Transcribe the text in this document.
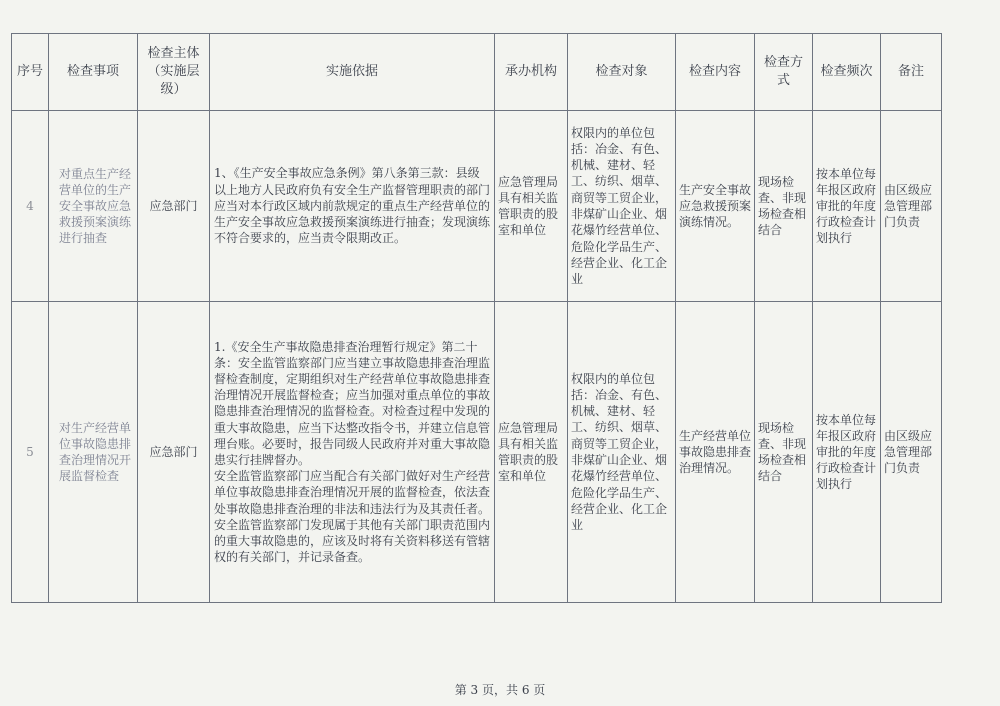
序号	检查事项	检查主体（实施层级）	实施依据	承办机构	检查对象	检查内容	检查方式	检查频次	备注
4	对重点生产经营单位的生产安全事故应急救援预案演练进行抽查	应急部门	1、《生产安全事故应急条例》第八条第三款：县级以上地方人民政府负有安全生产监督管理职责的部门应当对本行政区域内前款规定的重点生产经营单位的生产安全事故应急救援预案演练进行抽查；发现演练不符合要求的，应当责令限期改正。	应急管理局具有相关监管职责的股室和单位	权限内的单位包括：冶金、有色、机械、建材、轻工、纺织、烟草、商贸等工贸企业，非煤矿山企业、烟花爆竹经营单位、危险化学品生产、经营企业、化工企业	生产安全事故应急救援预案演练情况。	现场检查、非现场检查相结合	按本单位每年报区政府审批的年度行政检查计划执行	由区级应急管理部门负责
5	对生产经营单位事故隐患排查治理情况开展监督检查	应急部门	1.《安全生产事故隐患排查治理暂行规定》第二十条：安全监管监察部门应当建立事故隐患排查治理监督检查制度，定期组织对生产经营单位事故隐患排查治理情况开展监督检查；应当加强对重点单位的事故隐患排查治理情况的监督检查。对检查过程中发现的重大事故隐患，应当下达整改指令书，并建立信息管理台账。必要时，报告同级人民政府并对重大事故隐患实行挂牌督办。
安全监管监察部门应当配合有关部门做好对生产经营单位事故隐患排查治理情况开展的监督检查，依法查处事故隐患排查治理的非法和违法行为及其责任者。
安全监管监察部门发现属于其他有关部门职责范围内的重大事故隐患的，应该及时将有关资料移送有管辖权的有关部门，并记录备查。	应急管理局具有相关监管职责的股室和单位	权限内的单位包括：冶金、有色、机械、建材、轻工、纺织、烟草、商贸等工贸企业，非煤矿山企业、烟花爆竹经营单位、危险化学品生产、经营企业、化工企业	生产经营单位事故隐患排查治理情况。	现场检查、非现场检查相结合	按本单位每年报区政府审批的年度行政检查计划执行	由区级应急管理部门负责
第 3 页，共 6 页
